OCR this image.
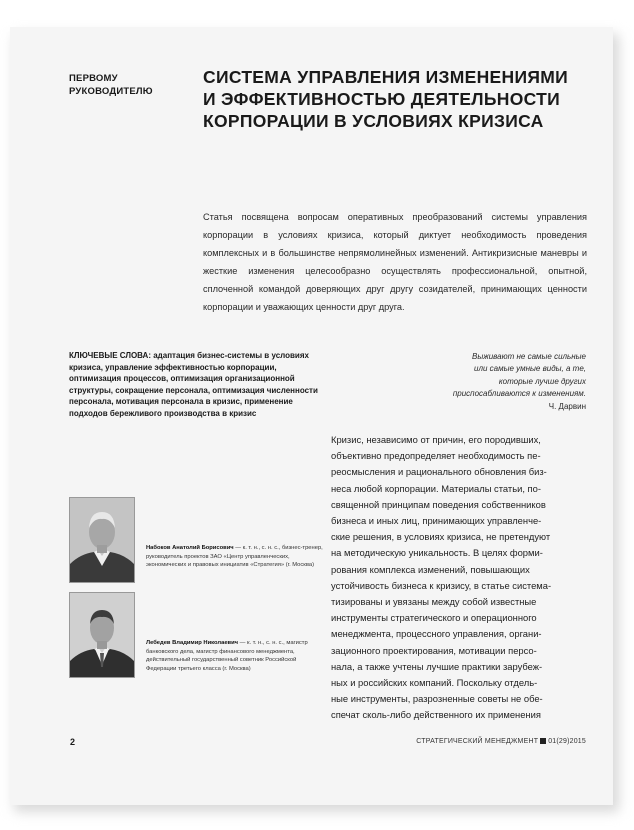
ПЕРВОМУ
РУКОВОДИТЕЛЮ
СИСТЕМА УПРАВЛЕНИЯ ИЗМЕНЕНИЯМИ
И ЭФФЕКТИВНОСТЬЮ ДЕЯТЕЛЬНОСТИ
КОРПОРАЦИИ В УСЛОВИЯХ КРИЗИСА
Статья посвящена вопросам оперативных преобразований системы управления корпорации в условиях кризиса, который диктует необходимость проведения комплексных и в большинстве непрямолинейных изменений. Антикризисные маневры и жесткие изменения целесообразно осуществлять профессиональной, опытной, сплоченной командой доверяющих друг другу созидателей, принимающих ценности корпорации и уважающих ценности друг друга.
КЛЮЧЕВЫЕ СЛОВА: адаптация бизнес-системы в условиях кризиса, управление эффективностью корпорации, оптимизация процессов, оптимизация организационной структуры, сокращение персонала, оптимизация численности персонала, мотивация персонала в кризис, применение подходов бережливого производства в кризис
Выживают не самые сильные
или самые умные виды, а те,
которые лучше других
приспосабливаются к изменениям.
Ч. Дарвин

Кризис, независимо от причин, его породивших,

объективно предопределяет необходимость пе-

реосмысления и рационального обновления биз-

неса любой корпорации. Материалы статьи, по-

священной принципам поведения собственников

бизнеса и иных лиц, принимающих управленче-

ские решения, в условиях кризиса, не претендуют

на методическую уникальность. В целях форми-

рования комплекса изменений, повышающих

устойчивость бизнеса к кризису, в статье система-

тизированы и увязаны между собой известные

инструменты стратегического и операционного

менеджмента, процессного управления, органи-

зационного проектирования, мотивации персо-

нала, а также учтены лучшие практики зарубеж-

ных и российских компаний. Поскольку отдель-

ные инструменты, разрозненные советы не обе-

спечат сколь-либо действенного их применения

Набоков Анатолий Борисович — к. т. н., с. н. с., бизнес-тренер, руководитель проектов ЗАО «Центр управленческих, экономических и правовых инициатив «Стратегия» (г. Москва)
Лебедев Владимир Николаевич — к. т. н., с. н. с., магистр банковского дела, магистр финансового менеджмента, действительный государственный советник Российской Федерации третьего класса (г. Москва)
2	СТРАТЕГИЧЕСКИЙ МЕНЕДЖМЕНТ 01(29)2015
